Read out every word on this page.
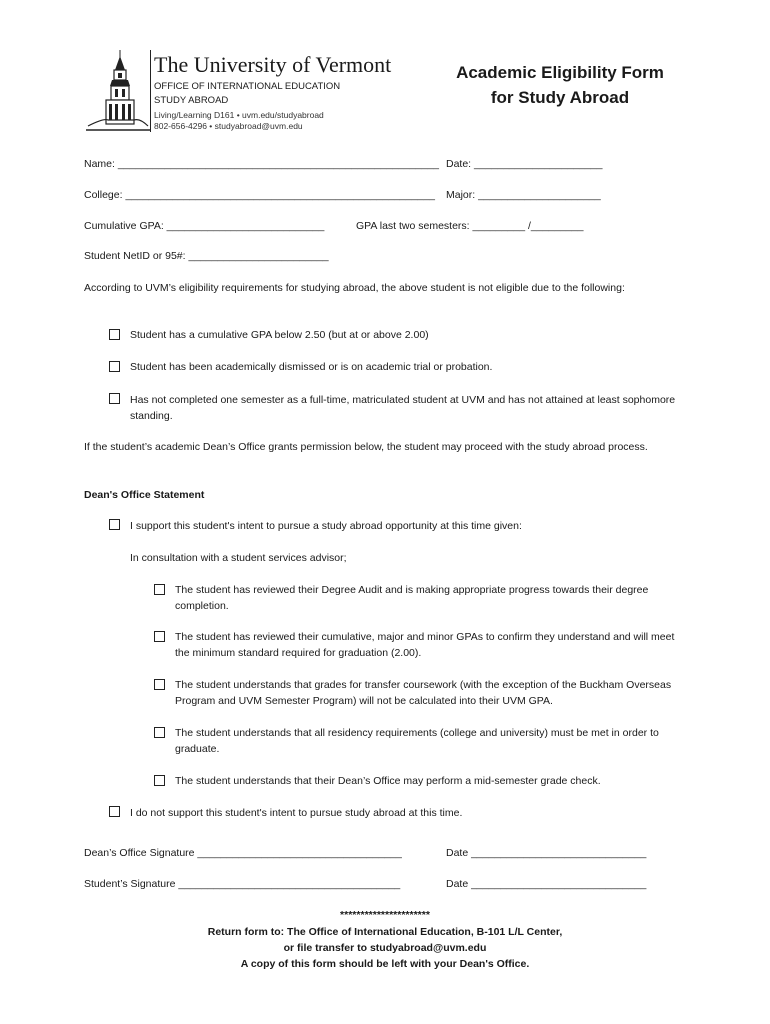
The University of Vermont
OFFICE OF INTERNATIONAL EDUCATION
STUDY ABROAD
Living/Learning D161 • uvm.edu/studyabroad
802-656-4296 • studyabroad@uvm.edu
Academic Eligibility Form
for Study Abroad
Name: _______________________________________________________ Date: ______________________
College: _____________________________________________________ Major: _____________________
Cumulative GPA: ___________________________	GPA last two semesters: _________ /_________
Student NetID or 95#: ________________________
According to UVM’s eligibility requirements for studying abroad, the above student is not eligible due to the following:
Student has a cumulative GPA below 2.50 (but at or above 2.00)
Student has been academically dismissed or is on academic trial or probation.
Has not completed one semester as a full-time, matriculated student at UVM and has not attained at least sophomore standing.
If the student’s academic Dean’s Office grants permission below, the student may proceed with the study abroad process.
Dean's Office Statement
I support this student's intent to pursue a study abroad opportunity at this time given:
In consultation with a student services advisor;
The student has reviewed their Degree Audit and is making appropriate progress towards their degree completion.
The student has reviewed their cumulative, major and minor GPAs to confirm they understand and will meet the minimum standard required for graduation (2.00).
The student understands that grades for transfer coursework (with the exception of the Buckham Overseas Program and UVM Semester Program) will not be calculated into their UVM GPA.
The student understands that all residency requirements (college and university) must be met in order to graduate.
The student understands that their Dean’s Office may perform a mid-semester grade check.
I do not support this student's intent to pursue study abroad at this time.
Dean’s Office Signature ___________________________________	Date ______________________________
Student’s Signature ______________________________________	Date ______________________________
**********************
Return form to: The Office of International Education, B-101 L/L Center,
or file transfer to studyabroad@uvm.edu
A copy of this form should be left with your Dean's Office.
